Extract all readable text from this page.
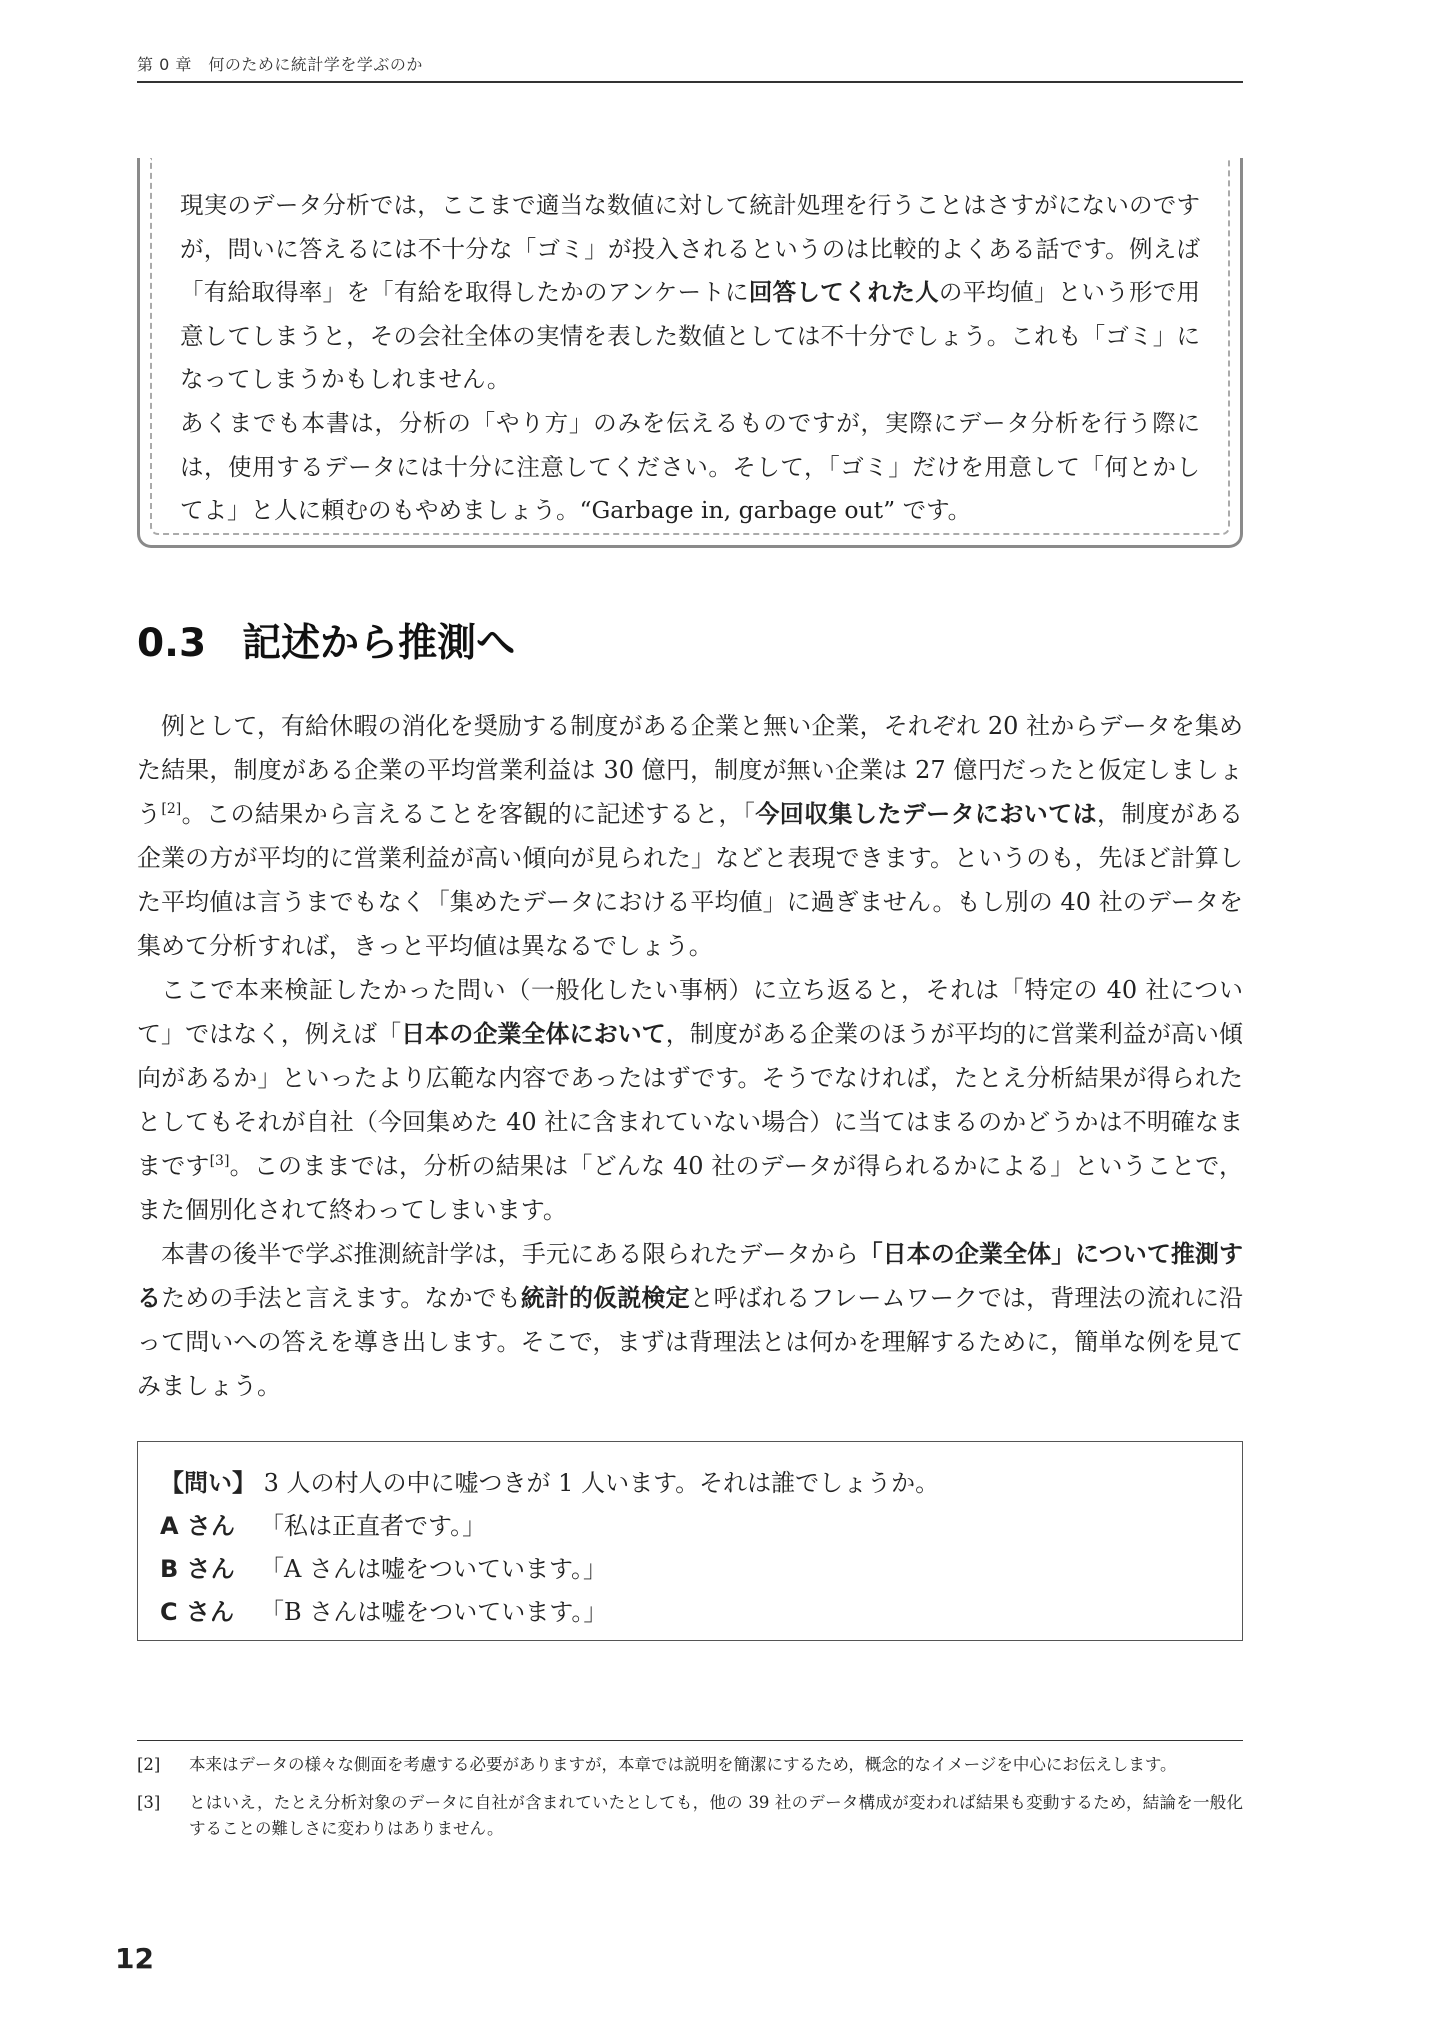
第 0 章　何のために統計学を学ぶのか

現実のデータ分析では，ここまで適当な数値に対して統計処理を行うことはさすがにないのですが，問いに答えるには不十分な「ゴミ」が投入されるというのは比較的よくある話です。例えば「有給取得率」を「有給を取得したかのアンケートに回答してくれた人の平均値」という形で用意してしまうと，その会社全体の実情を表した数値としては不十分でしょう。これも「ゴミ」になってしまうかもしれません。

あくまでも本書は，分析の「やり方」のみを伝えるものですが，実際にデータ分析を行う際には，使用するデータには十分に注意してください。そして，「ゴミ」だけを用意して「何とかしてよ」と人に頼むのもやめましょう。“Garbage in, garbage out” です。

0.3 記述から推測へ

例として，有給休暇の消化を奨励する制度がある企業と無い企業，それぞれ 20 社からデータを集めた結果，制度がある企業の平均営業利益は 30 億円，制度が無い企業は 27 億円だったと仮定しましょう[2]。この結果から言えることを客観的に記述すると，「今回収集したデータにおいては，制度がある企業の方が平均的に営業利益が高い傾向が見られた」などと表現できます。というのも，先ほど計算した平均値は言うまでもなく「集めたデータにおける平均値」に過ぎません。もし別の 40 社のデータを集めて分析すれば，きっと平均値は異なるでしょう。

ここで本来検証したかった問い（一般化したい事柄）に立ち返ると，それは「特定の 40 社について」ではなく，例えば「日本の企業全体において，制度がある企業のほうが平均的に営業利益が高い傾向があるか」といったより広範な内容であったはずです。そうでなければ，たとえ分析結果が得られたとしてもそれが自社（今回集めた 40 社に含まれていない場合）に当てはまるのかどうかは不明確なままです[3]。このままでは，分析の結果は「どんな 40 社のデータが得られるかによる」ということで，また個別化されて終わってしまいます。

本書の後半で学ぶ推測統計学は，手元にある限られたデータから「日本の企業全体」について推測するための手法と言えます。なかでも統計的仮説検定と呼ばれるフレームワークでは，背理法の流れに沿って問いへの答えを導き出します。そこで，まずは背理法とは何かを理解するために，簡単な例を見てみましょう。

【問い】 3 人の村人の中に嘘つきが 1 人います。それは誰でしょうか。
A さん 「私は正直者です。」
B さん 「A さんは嘘をついています。」
C さん 「B さんは嘘をついています。」
[2]	本来はデータの様々な側面を考慮する必要がありますが，本章では説明を簡潔にするため，概念的なイメージを中心にお伝えします。
[3]	とはいえ，たとえ分析対象のデータに自社が含まれていたとしても，他の 39 社のデータ構成が変われば結果も変動するため，結論を一般化することの難しさに変わりはありません。
12
